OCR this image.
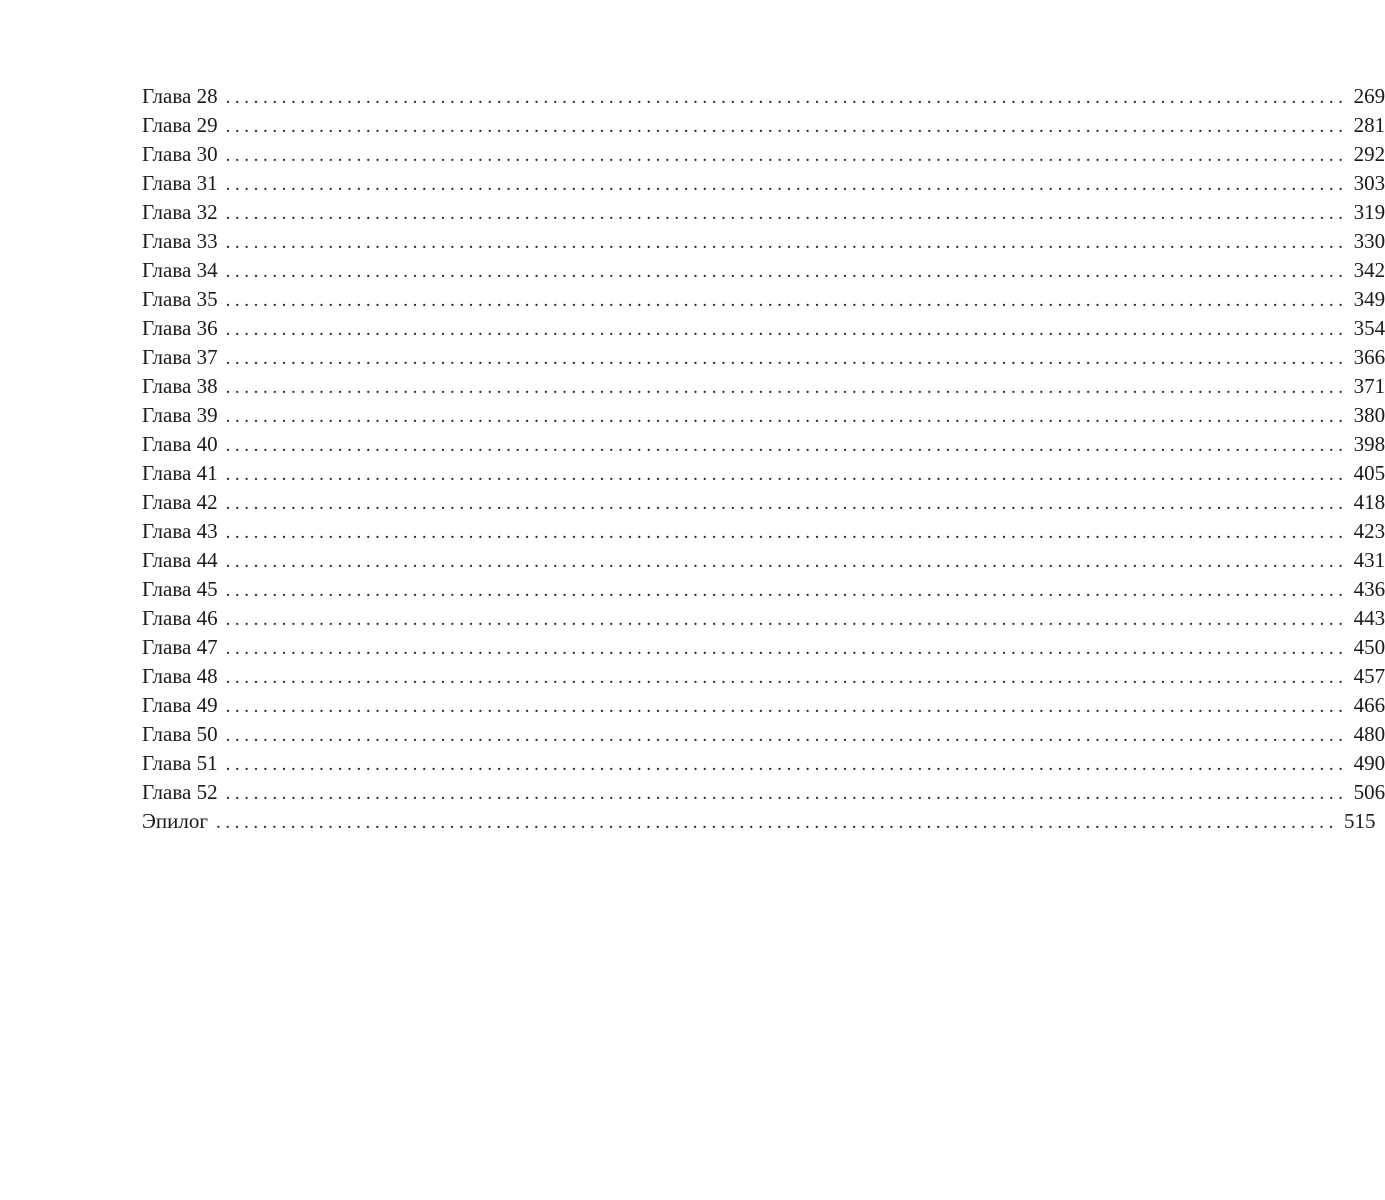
Глава 28 ........................................................................................................................ 269
Глава 29 ........................................................................................................................ 281
Глава 30 ........................................................................................................................ 292
Глава 31 ........................................................................................................................ 303
Глава 32 ........................................................................................................................ 319
Глава 33 ........................................................................................................................ 330
Глава 34 ........................................................................................................................ 342
Глава 35 ........................................................................................................................ 349
Глава 36 ........................................................................................................................ 354
Глава 37 ........................................................................................................................ 366
Глава 38 ........................................................................................................................ 371
Глава 39 ........................................................................................................................ 380
Глава 40 ........................................................................................................................ 398
Глава 41 ........................................................................................................................ 405
Глава 42 ........................................................................................................................ 418
Глава 43 ........................................................................................................................ 423
Глава 44 ........................................................................................................................ 431
Глава 45 ........................................................................................................................ 436
Глава 46 ........................................................................................................................ 443
Глава 47 ........................................................................................................................ 450
Глава 48 ........................................................................................................................ 457
Глава 49 ........................................................................................................................ 466
Глава 50 ........................................................................................................................ 480
Глава 51 ........................................................................................................................ 490
Глава 52 ........................................................................................................................ 506
Эпилог ........................................................................................................................ 515
